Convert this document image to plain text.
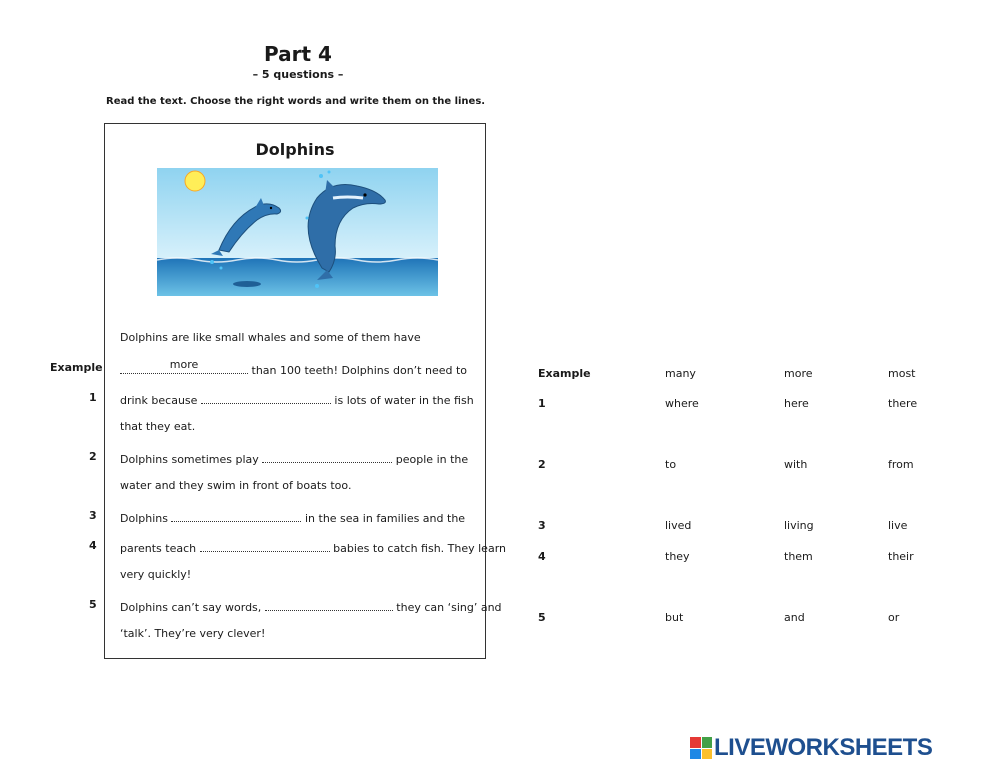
Part 4
– 5 questions –
Read the text. Choose the right words and write them on the lines.
Dolphins
Dolphins are like small whales and some of them have
Example	more	than 100 teeth! Dolphins don’t need to
1 drink because	is lots of water in the fish
that they eat.
2 Dolphins sometimes play	people in the
water and they swim in front of boats too.
3 Dolphins	in the sea in families and the
4 parents teach	babies to catch fish. They learn
very quickly!
5 Dolphins can’t say words,	they can ‘sing’ and
‘talk’. They’re very clever!
Example	many	more	most
1	where	here	there
2	to	with	from
3	lived	living	live
4	they	them	their
5	but	and	or
LIVEWORKSHEETS
